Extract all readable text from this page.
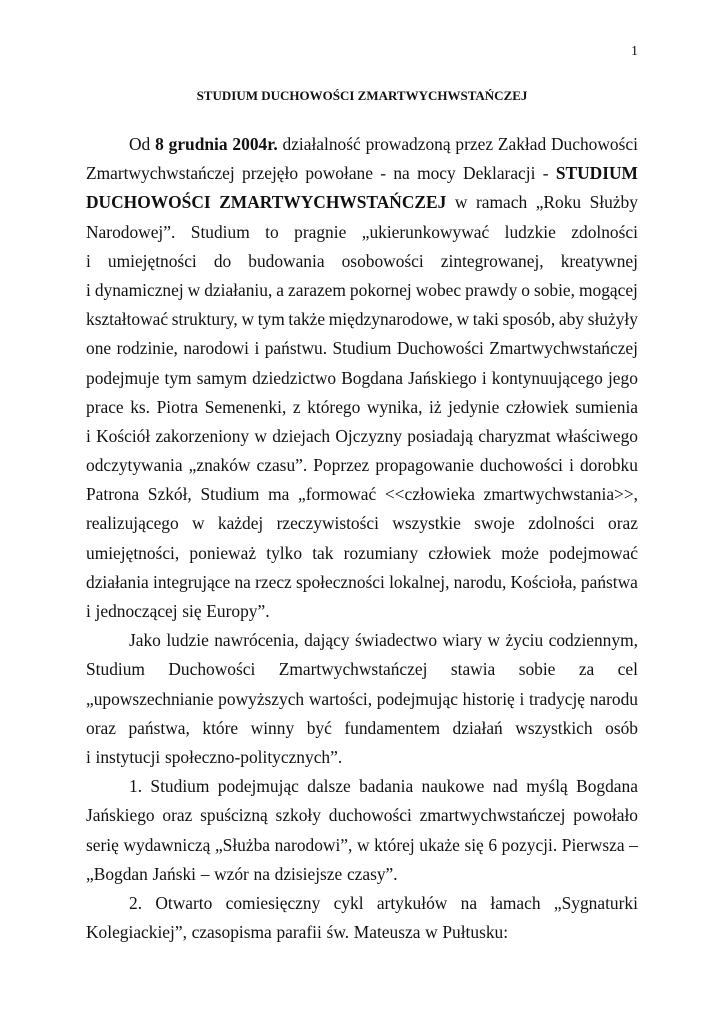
1
STUDIUM DUCHOWOŚCI ZMARTWYCHWSTAŃCZEJ
Od 8 grudnia 2004r. działalność prowadzoną przez Zakład Duchowości
Zmartwychwstańczej przejęło powołane - na mocy Deklaracji - STUDIUM
DUCHOWOŚCI ZMARTWYCHWSTAŃCZEJ w ramach „Roku Służby
Narodowej”. Studium to pragnie „ukierunkowywać ludzkie zdolności
i umiejętności do budowania osobowości zintegrowanej, kreatywnej
i dynamicznej w działaniu, a zarazem pokornej wobec prawdy o sobie, mogącej
kształtować struktury, w tym także międzynarodowe, w taki sposób, aby służyły
one rodzinie, narodowi i państwu. Studium Duchowości Zmartwychwstańczej
podejmuje tym samym dziedzictwo Bogdana Jańskiego i kontynuującego jego
prace ks. Piotra Semenenki, z którego wynika, iż jedynie człowiek sumienia
i Kościół zakorzeniony w dziejach Ojczyzny posiadają charyzmat właściwego
odczytywania „znaków czasu”. Poprzez propagowanie duchowości i dorobku
Patrona Szkół, Studium ma „formować <<człowieka zmartwychwstania>>,
realizującego w każdej rzeczywistości wszystkie swoje zdolności oraz
umiejętności, ponieważ tylko tak rozumiany człowiek może podejmować
działania integrujące na rzecz społeczności lokalnej, narodu, Kościoła, państwa
i jednoczącej się Europy”.
Jako ludzie nawrócenia, dający świadectwo wiary w życiu codziennym,
Studium Duchowości Zmartwychwstańczej stawia sobie za cel
„upowszechnianie powyższych wartości, podejmując historię i tradycję narodu
oraz państwa, które winny być fundamentem działań wszystkich osób
i instytucji społeczno-politycznych”.
1. Studium podejmując dalsze badania naukowe nad myślą Bogdana
Jańskiego oraz spuścizną szkoły duchowości zmartwychwstańczej powołało
serię wydawniczą „Służba narodowi”, w której ukaże się 6 pozycji. Pierwsza –
„Bogdan Jański – wzór na dzisiejsze czasy”.
2. Otwarto comiesięczny cykl artykułów na łamach „Sygnaturki
Kolegiackiej”, czasopisma parafii św. Mateusza w Pułtusku:
